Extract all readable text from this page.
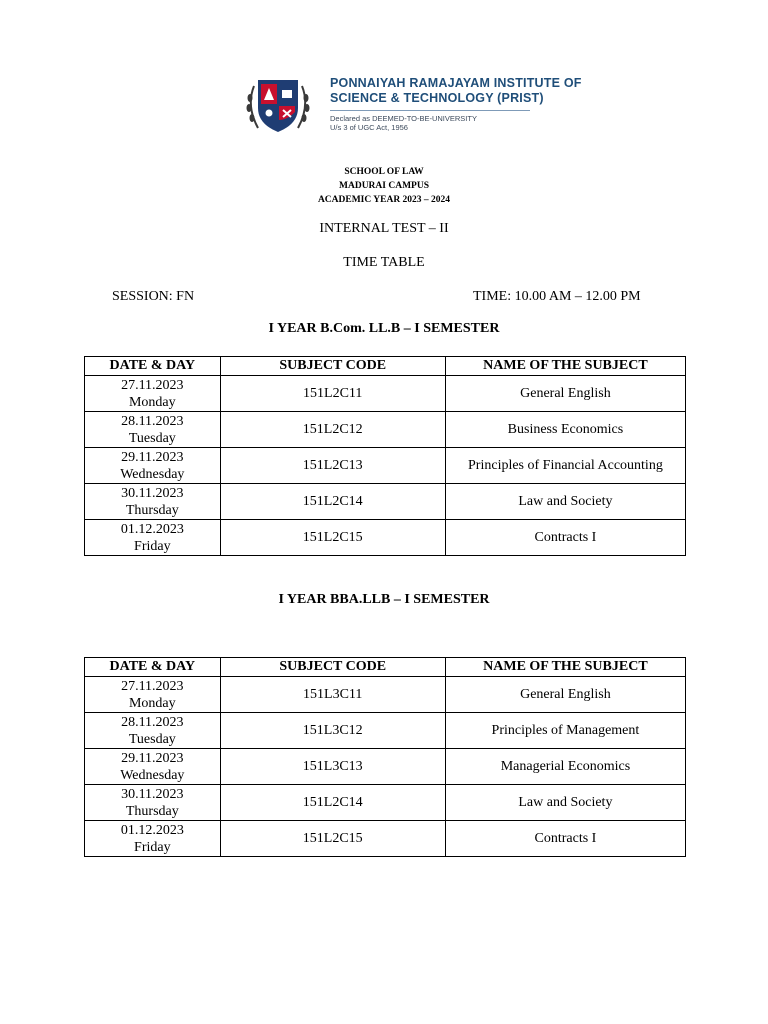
PONNAIYAH RAMAJAYAM INSTITUTE OF
SCIENCE & TECHNOLOGY (PRIST)
Declared as DEEMED-TO-BE-UNIVERSITY
U/s 3 of UGC Act, 1956
SCHOOL OF LAW
MADURAI CAMPUS
ACADEMIC YEAR 2023 – 2024
INTERNAL TEST – II
TIME TABLE
SESSION: FN	TIME: 10.00 AM – 12.00 PM
I YEAR B.Com. LL.B – I SEMESTER
DATE & DAY	SUBJECT CODE	NAME OF THE SUBJECT

27.11.2023
Monday	151L2C11	General English

28.11.2023
Tuesday	151L2C12	Business Economics

29.11.2023
Wednesday	151L2C13	Principles of Financial Accounting

30.11.2023
Thursday	151L2C14	Law and Society

01.12.2023
Friday	151L2C15	Contracts I
I YEAR BBA.LLB – I SEMESTER
DATE & DAY	SUBJECT CODE	NAME OF THE SUBJECT

27.11.2023
Monday	151L3C11	General English

28.11.2023
Tuesday	151L3C12	Principles of Management

29.11.2023
Wednesday	151L3C13	Managerial Economics

30.11.2023
Thursday	151L2C14	Law and Society

01.12.2023
Friday	151L2C15	Contracts I
